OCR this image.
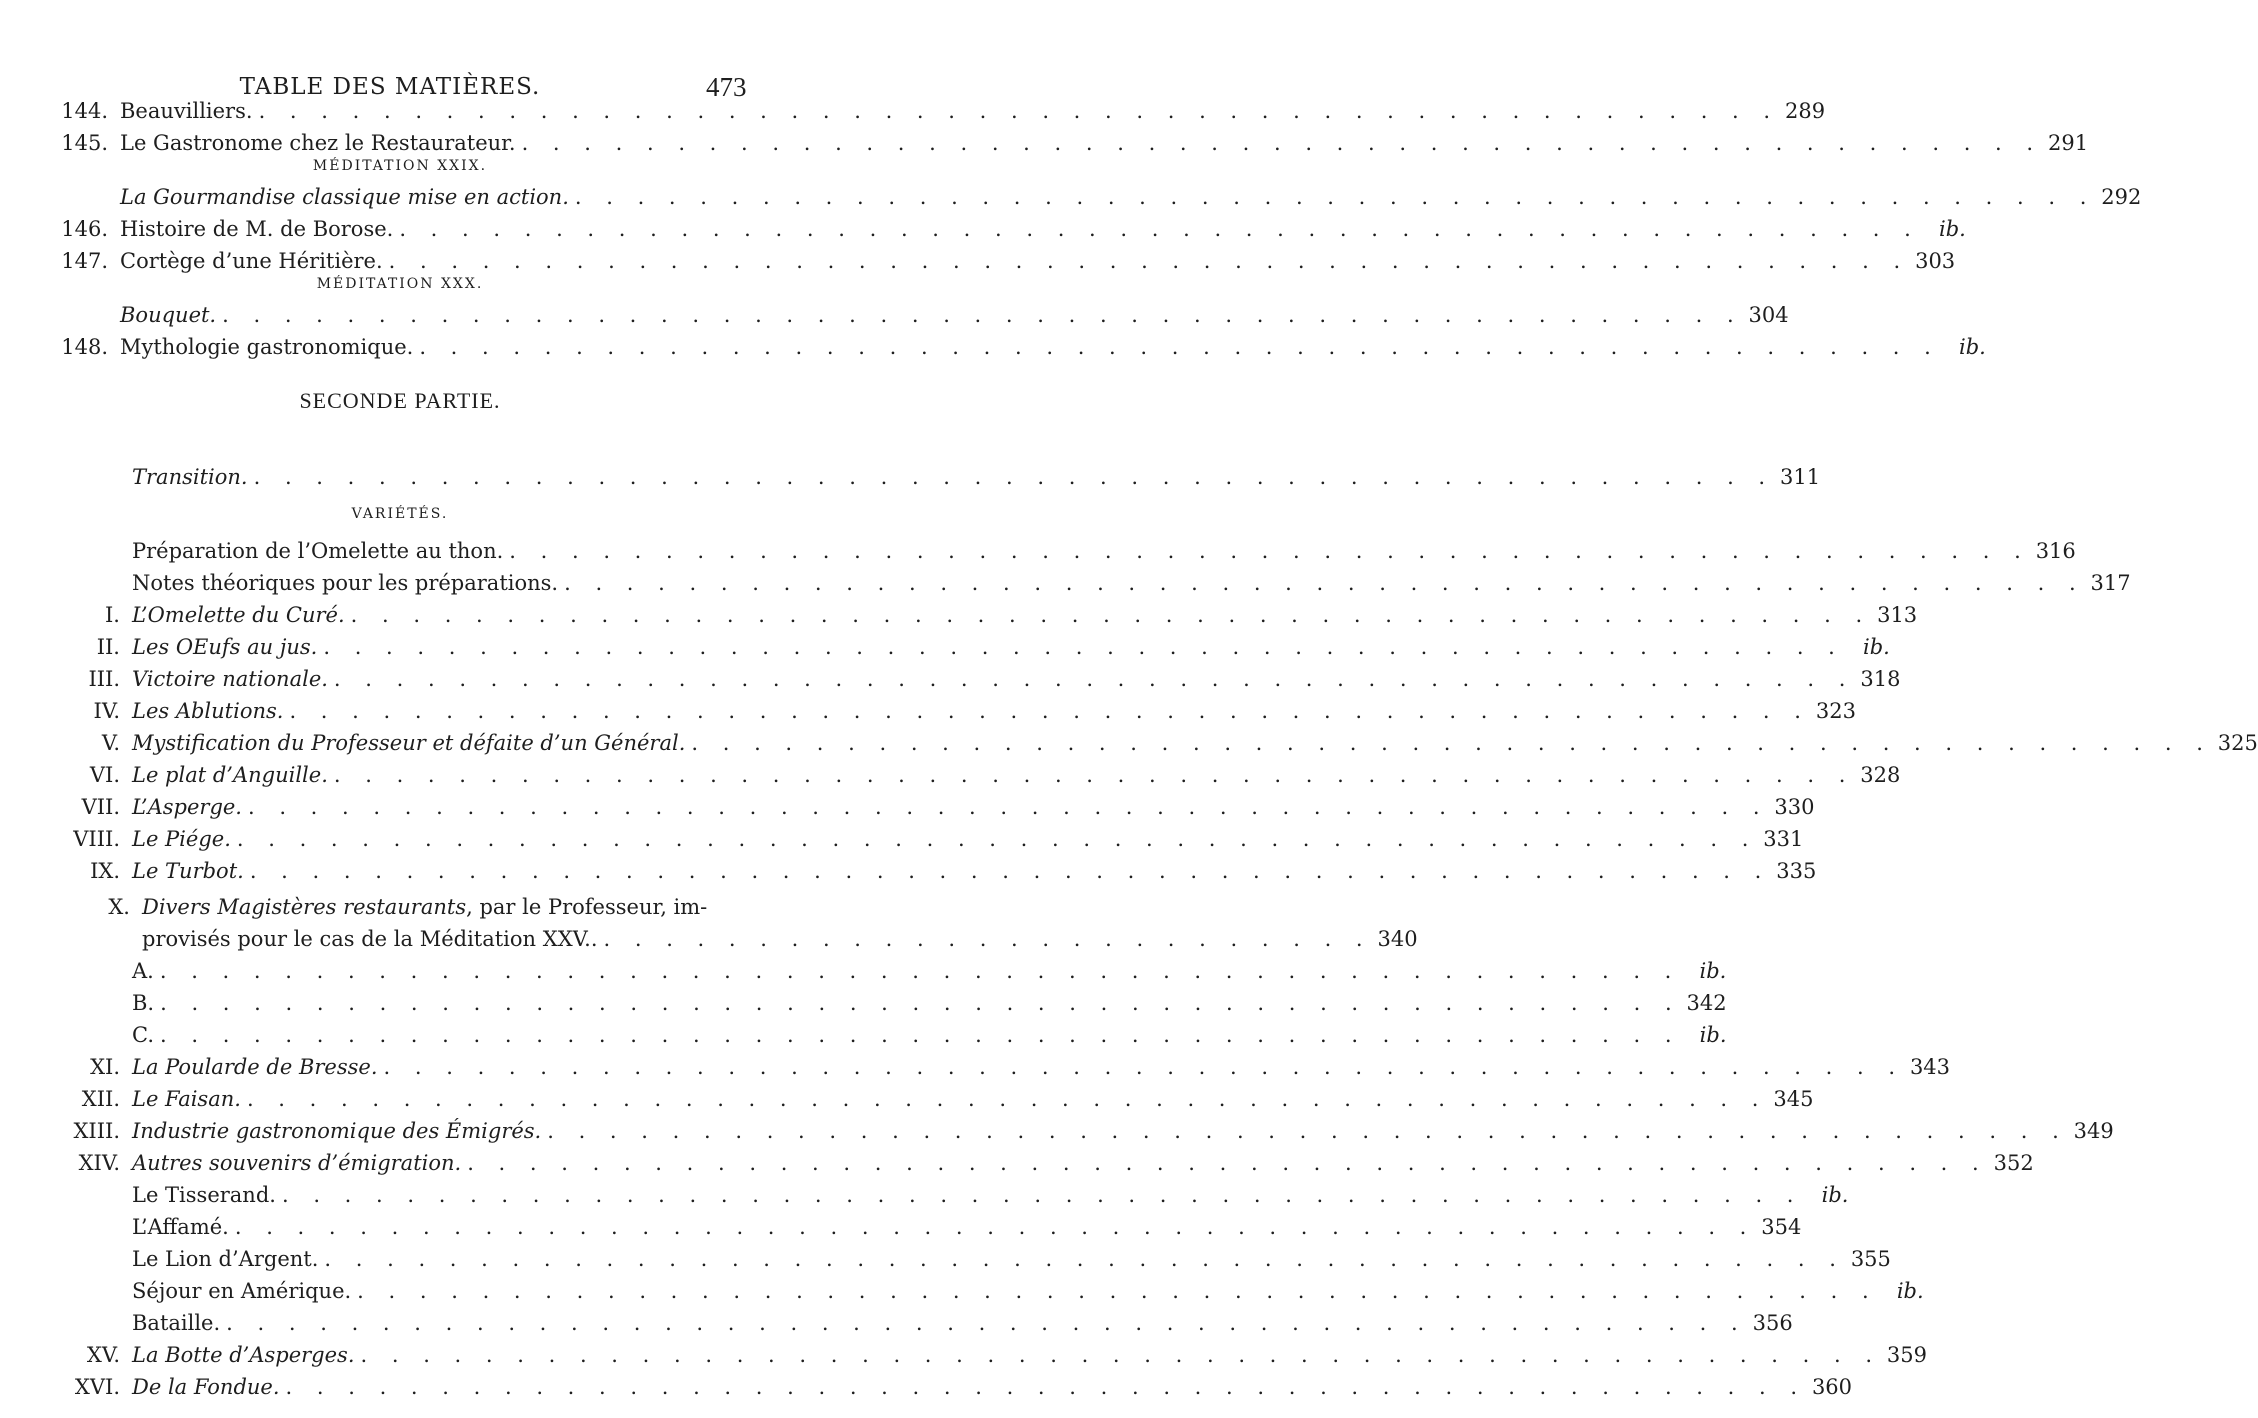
TABLE DES MATIÈRES.	473
144. Beauvilliers. . . . . . . . . . . . . . . . . . . . . . . . . . . . . . . . . . . . . . . . . . . . . . . . . . 289
145. Le Gastronome chez le Restaurateur. . . . . . . . . . . . . . . . . . . . . . . . . . . . . . . . . . . . . . . . . . . . . . . . . . 291
MÉDITATION XXIX.
La Gourmandise classique mise en action. . . . . . . . . . . . . . . . . . . . . . . . . . . . . . . . . . . . . . . . . . . . . . . . . . 292
146. Histoire de M. de Borose. . . . . . . . . . . . . . . . . . . . . . . . . . . . . . . . . . . . . . . . . . . . . . . . . . ib.
147. Cortège d’une Héritière. . . . . . . . . . . . . . . . . . . . . . . . . . . . . . . . . . . . . . . . . . . . . . . . . . 303
MÉDITATION XXX.
Bouquet. . . . . . . . . . . . . . . . . . . . . . . . . . . . . . . . . . . . . . . . . . . . . . . . . . 304
148. Mythologie gastronomique. . . . . . . . . . . . . . . . . . . . . . . . . . . . . . . . . . . . . . . . . . . . . . . . . . ib.
SECONDE PARTIE.
Transition. . . . . . . . . . . . . . . . . . . . . . . . . . . . . . . . . . . . . . . . . . . . . . . . . . 311
VARIÉTÉS.
Préparation de l’Omelette au thon. . . . . . . . . . . . . . . . . . . . . . . . . . . . . . . . . . . . . . . . . . . . . . . . . . 316
Notes théoriques pour les préparations. . . . . . . . . . . . . . . . . . . . . . . . . . . . . . . . . . . . . . . . . . . . . . . . . . 317
I. L’Omelette du Curé. . . . . . . . . . . . . . . . . . . . . . . . . . . . . . . . . . . . . . . . . . . . . . . . . . 313
II. Les OEufs au jus. . . . . . . . . . . . . . . . . . . . . . . . . . . . . . . . . . . . . . . . . . . . . . . . . . ib.
III. Victoire nationale. . . . . . . . . . . . . . . . . . . . . . . . . . . . . . . . . . . . . . . . . . . . . . . . . . 318
IV. Les Ablutions. . . . . . . . . . . . . . . . . . . . . . . . . . . . . . . . . . . . . . . . . . . . . . . . . . 323
V. Mystification du Professeur et défaite d’un Général. . . . . . . . . . . . . . . . . . . . . . . . . . . . . . . . . . . . . . . . . . . . . . . . . . 325
VI. Le plat d’Anguille. . . . . . . . . . . . . . . . . . . . . . . . . . . . . . . . . . . . . . . . . . . . . . . . . . 328
VII. L’Asperge. . . . . . . . . . . . . . . . . . . . . . . . . . . . . . . . . . . . . . . . . . . . . . . . . . 330
VIII. Le Piége. . . . . . . . . . . . . . . . . . . . . . . . . . . . . . . . . . . . . . . . . . . . . . . . . . 331
IX. Le Turbot. . . . . . . . . . . . . . . . . . . . . . . . . . . . . . . . . . . . . . . . . . . . . . . . . . 335
X. Divers Magistères restaurants , par le Professeur, im-
provisés pour le cas de la Méditation XXV.. . . . . . . . . . . . . . . . . . . . . . . . . . 340
A. . . . . . . . . . . . . . . . . . . . . . . . . . . . . . . . . . . . . . . . . . . . . . . . . . ib.
B. . . . . . . . . . . . . . . . . . . . . . . . . . . . . . . . . . . . . . . . . . . . . . . . . . 342
C. . . . . . . . . . . . . . . . . . . . . . . . . . . . . . . . . . . . . . . . . . . . . . . . . . ib.
XI. La Poularde de Bresse. . . . . . . . . . . . . . . . . . . . . . . . . . . . . . . . . . . . . . . . . . . . . . . . . . 343
XII. Le Faisan. . . . . . . . . . . . . . . . . . . . . . . . . . . . . . . . . . . . . . . . . . . . . . . . . . 345
XIII. Industrie gastronomique des Émigrés. . . . . . . . . . . . . . . . . . . . . . . . . . . . . . . . . . . . . . . . . . . . . . . . . . 349
XIV. Autres souvenirs d’émigration. . . . . . . . . . . . . . . . . . . . . . . . . . . . . . . . . . . . . . . . . . . . . . . . . . 352
Le Tisserand. . . . . . . . . . . . . . . . . . . . . . . . . . . . . . . . . . . . . . . . . . . . . . . . . . ib.
L’Affamé. . . . . . . . . . . . . . . . . . . . . . . . . . . . . . . . . . . . . . . . . . . . . . . . . . 354
Le Lion d’Argent. . . . . . . . . . . . . . . . . . . . . . . . . . . . . . . . . . . . . . . . . . . . . . . . . . 355
Séjour en Amérique. . . . . . . . . . . . . . . . . . . . . . . . . . . . . . . . . . . . . . . . . . . . . . . . . . ib.
Bataille. . . . . . . . . . . . . . . . . . . . . . . . . . . . . . . . . . . . . . . . . . . . . . . . . . 356
XV. La Botte d’Asperges. . . . . . . . . . . . . . . . . . . . . . . . . . . . . . . . . . . . . . . . . . . . . . . . . . 359
XVI. De la Fondue. . . . . . . . . . . . . . . . . . . . . . . . . . . . . . . . . . . . . . . . . . . . . . . . . . 360
